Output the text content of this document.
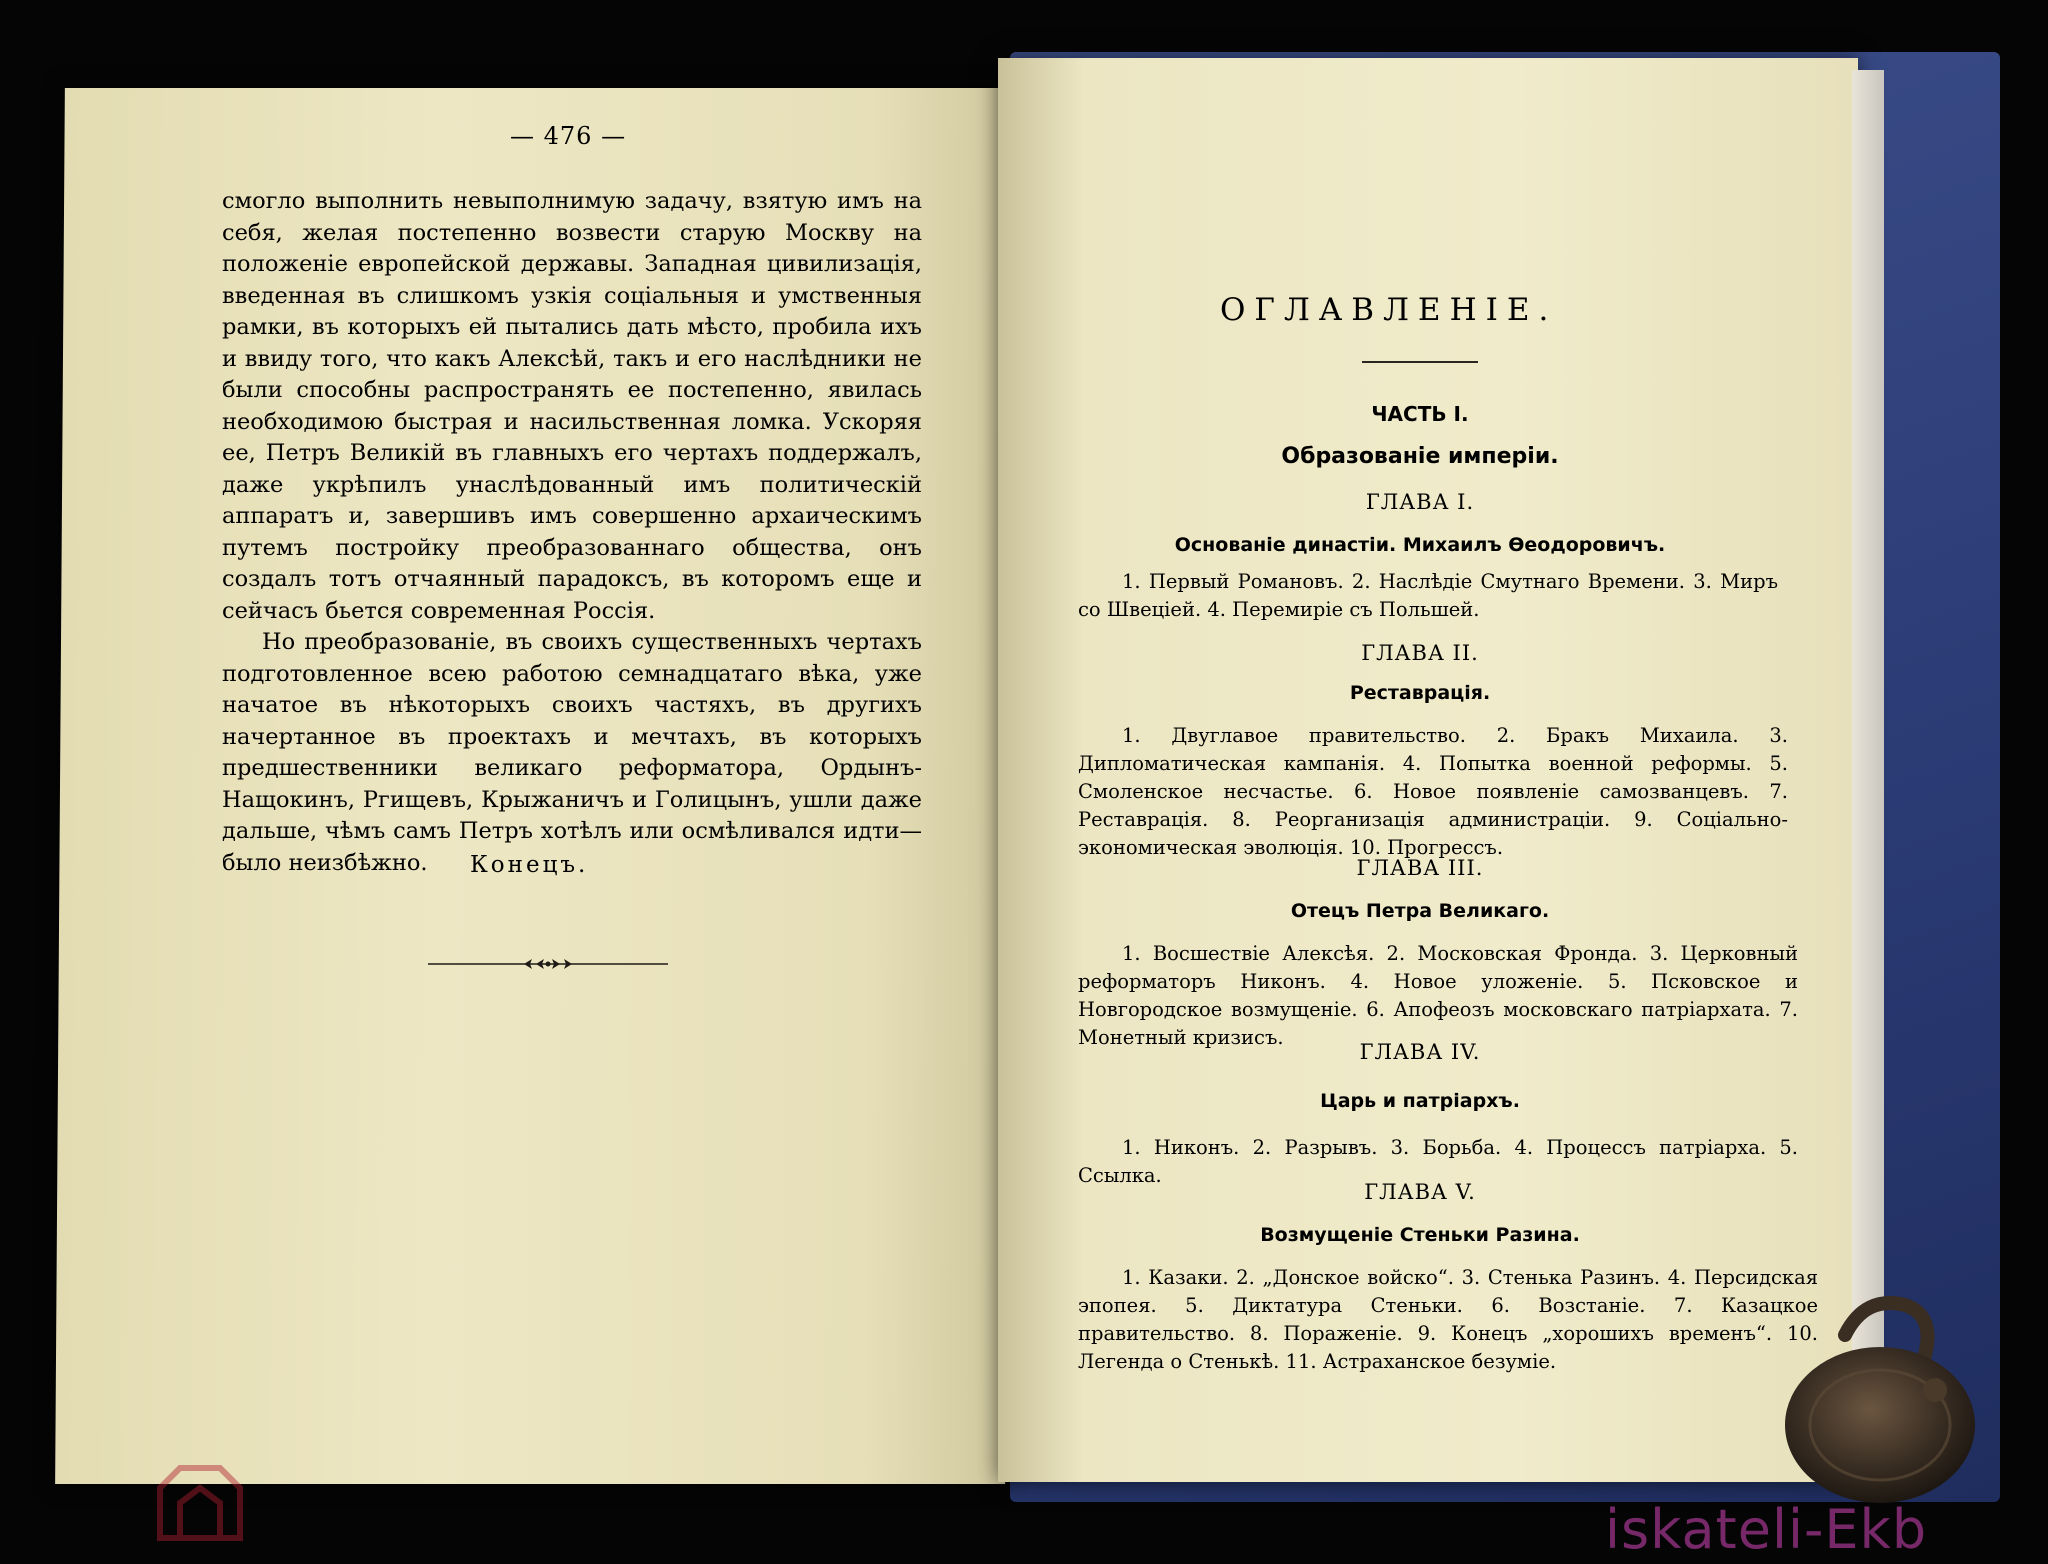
— 476 —

смогло выполнить невыполнимую задачу, взятую имъ на себя, желая постепенно возвести старую Москву на положеніе европейской державы. Западная цивилизація, введенная въ слишкомъ узкія соціальныя и умственныя рамки, въ которыхъ ей пытались дать мѣсто, пробила ихъ и ввиду того, что какъ Алексѣй, такъ и его наслѣдники не были способны распространять ее постепенно, явилась необходимою быстрая и насильственная ломка. Ускоряя ее, Петръ Великій въ главныхъ его чертахъ поддержалъ, даже укрѣпилъ унаслѣдованный имъ политическій аппаратъ и, завершивъ имъ совершенно архаическимъ путемъ постройку преобразованнаго общества, онъ создалъ тотъ отчаянный парадоксъ, въ которомъ еще и сейчасъ бьется современная Россія.

Но преобразованіе, въ своихъ существенныхъ чертахъ подготовленное всею работою семнадцатаго вѣка, уже начатое въ нѣкоторыхъ своихъ частяхъ, въ другихъ начертанное въ проектахъ и мечтахъ, въ которыхъ предшественники великаго реформатора, Ордынъ-Нащокинъ, Ргищевъ, Крыжаничъ и Голицынъ, ушли даже дальше, чѣмъ самъ Петръ хотѣлъ или осмѣливался идти—было неизбѣжно.	Конецъ.
ОГЛАВЛЕНІЕ.
ЧАСТЬ I.
Образованіе имперіи.
ГЛАВА I.
Основаніе династіи. Михаилъ Ѳеодоровичъ.
1. Первый Романовъ. 2. Наслѣдіе Смутнаго Времени. 3. Миръ со Швеціей. 4. Перемиріе съ Польшей.
ГЛАВА II.
Реставрація.
1. Двуглавое правительство. 2. Бракъ Михаила. 3. Дипломатическая кампанія. 4. Попытка военной реформы. 5. Смоленское несчастье. 6. Новое появленіе самозванцевъ. 7. Реставрація. 8. Реорганизація администраціи. 9. Соціально-экономическая эволюція. 10. Прогрессъ.
ГЛАВА III.
Отецъ Петра Великаго.
1. Восшествіе Алексѣя. 2. Московская Фронда. 3. Церковный реформаторъ Никонъ. 4. Новое уложеніе. 5. Псковское и Новгородское возмущеніе. 6. Апофеозъ московскаго патріархата. 7. Монетный кризисъ.
ГЛАВА IV.
Царь и патріархъ.
1. Никонъ. 2. Разрывъ. 3. Борьба. 4. Процессъ патріарха. 5. Ссылка.
ГЛАВА V.
Возмущеніе Стеньки Разина.
1. Казаки. 2. „Донское войско“. 3. Стенька Разинъ. 4. Персидская эпопея. 5. Диктатура Стеньки. 6. Возстаніе. 7. Казацкое правительство. 8. Пораженіе. 9. Конецъ „хорошихъ временъ“. 10. Легенда о Стенькѣ. 11. Астраханское безуміе.
iskateli-Ekb
